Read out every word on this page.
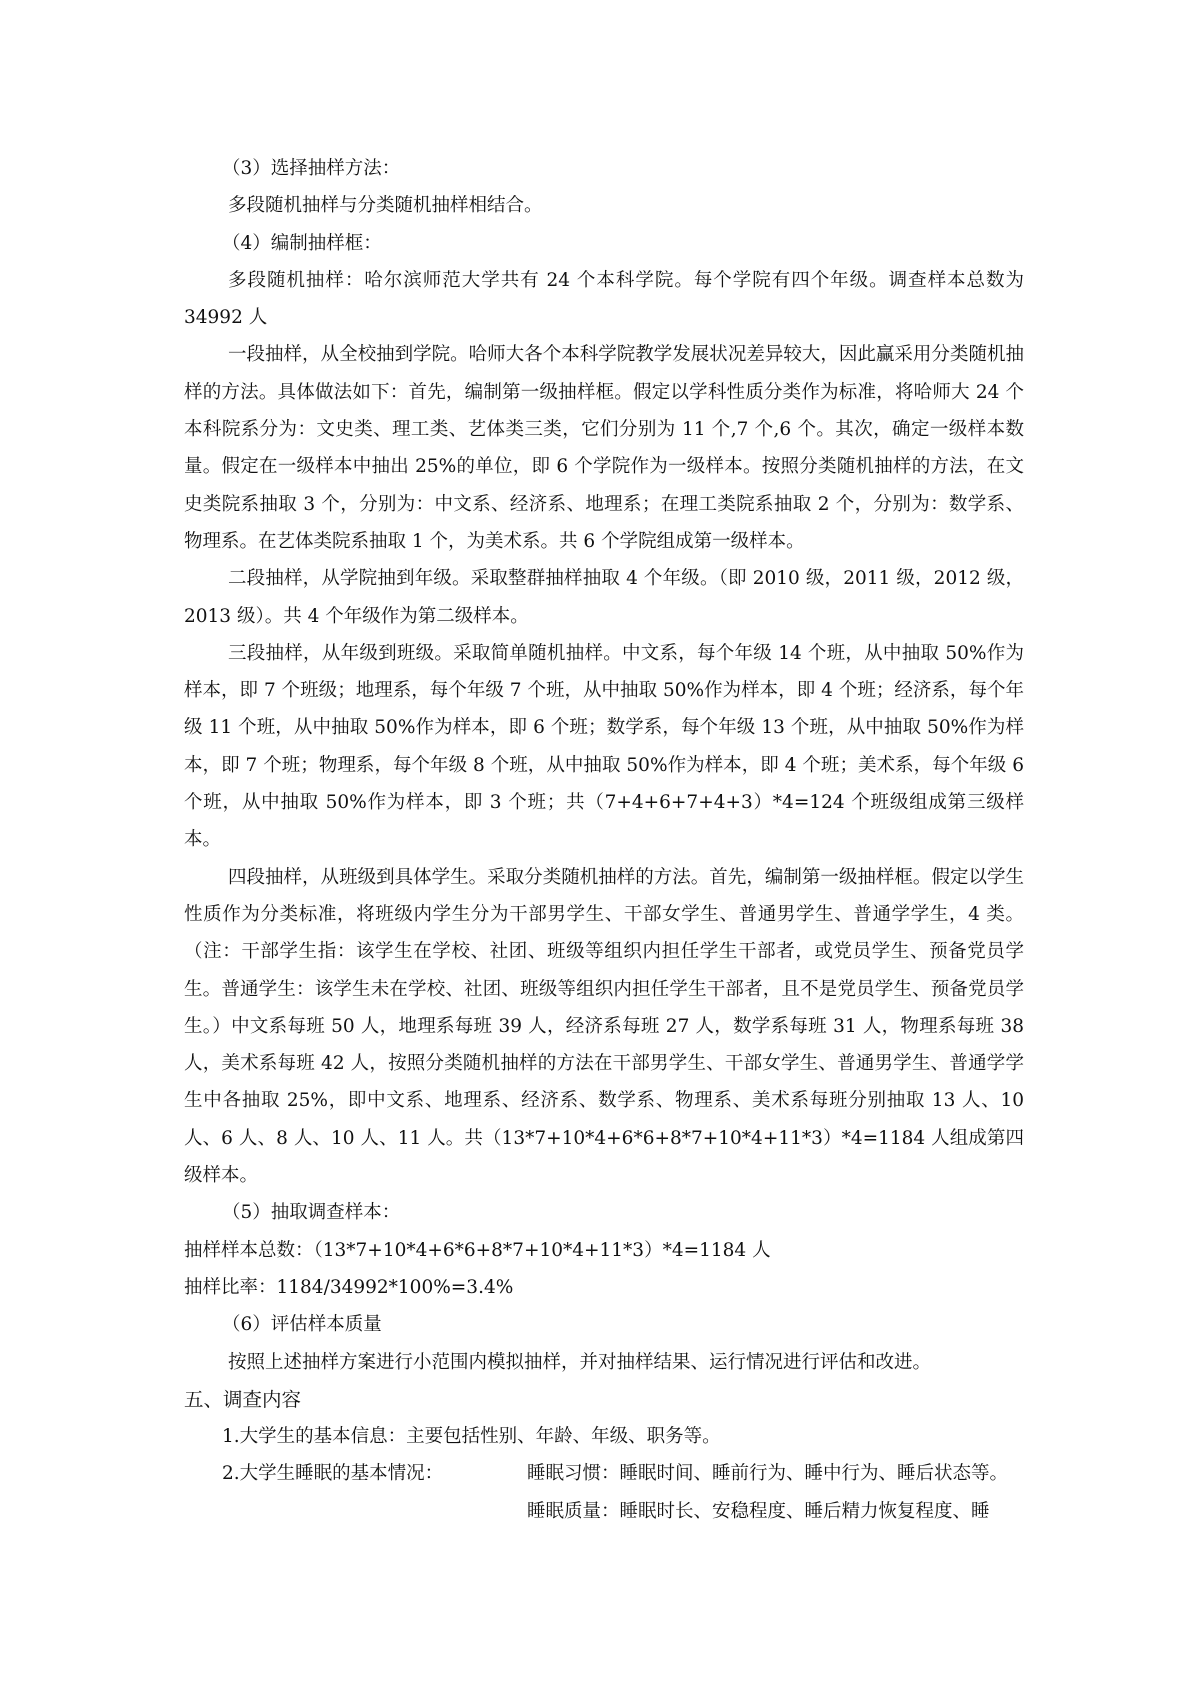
（3）选择抽样方法：

多段随机抽样与分类随机抽样相结合。

（4）编制抽样框：

多段随机抽样：哈尔滨师范大学共有 24 个本科学院。每个学院有四个年级。调查样本总数为 34992 人

一段抽样，从全校抽到学院。哈师大各个本科学院教学发展状况差异较大，因此赢采用分类随机抽样的方法。具体做法如下：首先，编制第一级抽样框。假定以学科性质分类作为标准，将哈师大 24 个本科院系分为：文史类、理工类、艺体类三类，它们分别为 11 个,7 个,6 个。其次，确定一级样本数量。假定在一级样本中抽出 25%的单位，即 6 个学院作为一级样本。按照分类随机抽样的方法，在文史类院系抽取 3 个，分别为：中文系、经济系、地理系；在理工类院系抽取 2 个，分别为：数学系、物理系。在艺体类院系抽取 1 个，为美术系。共 6 个学院组成第一级样本。

二段抽样，从学院抽到年级。采取整群抽样抽取 4 个年级。（即 2010 级，2011 级，2012 级，2013 级）。共 4 个年级作为第二级样本。

三段抽样，从年级到班级。采取简单随机抽样。中文系，每个年级 14 个班，从中抽取 50%作为样本，即 7 个班级；地理系，每个年级 7 个班，从中抽取 50%作为样本，即 4 个班；经济系，每个年级 11 个班，从中抽取 50%作为样本，即 6 个班；数学系，每个年级 13 个班，从中抽取 50%作为样本，即 7 个班；物理系，每个年级 8 个班，从中抽取 50%作为样本，即 4 个班；美术系，每个年级 6 个班，从中抽取 50%作为样本，即 3 个班；共（7+4+6+7+4+3）*4=124 个班级组成第三级样本。

四段抽样，从班级到具体学生。采取分类随机抽样的方法。首先，编制第一级抽样框。假定以学生性质作为分类标准，将班级内学生分为干部男学生、干部女学生、普通男学生、普通学学生，4 类。（注：干部学生指：该学生在学校、社团、班级等组织内担任学生干部者，或党员学生、预备党员学生。普通学生：该学生未在学校、社团、班级等组织内担任学生干部者，且不是党员学生、预备党员学生。）中文系每班 50 人，地理系每班 39 人，经济系每班 27 人，数学系每班 31 人，物理系每班 38 人，美术系每班 42 人，按照分类随机抽样的方法在干部男学生、干部女学生、普通男学生、普通学学生中各抽取 25%，即中文系、地理系、经济系、数学系、物理系、美术系每班分别抽取 13 人、10 人、6 人、8 人、10 人、11 人。共（13*7+10*4+6*6+8*7+10*4+11*3）*4=1184 人组成第四级样本。

（5）抽取调查样本：

抽样样本总数：（13*7+10*4+6*6+8*7+10*4+11*3）*4=1184 人

抽样比率：1184/34992*100%=3.4%

（6）评估样本质量

按照上述抽样方案进行小范围内模拟抽样，并对抽样结果、运行情况进行评估和改进。

五、调查内容

1.大学生的基本信息：主要包括性别、年龄、年级、职务等。

2.大学生睡眠的基本情况：	睡眠习惯：睡眠时间、睡前行为、睡中行为、睡后状态等。
睡眠质量：睡眠时长、安稳程度、睡后精力恢复程度、睡
